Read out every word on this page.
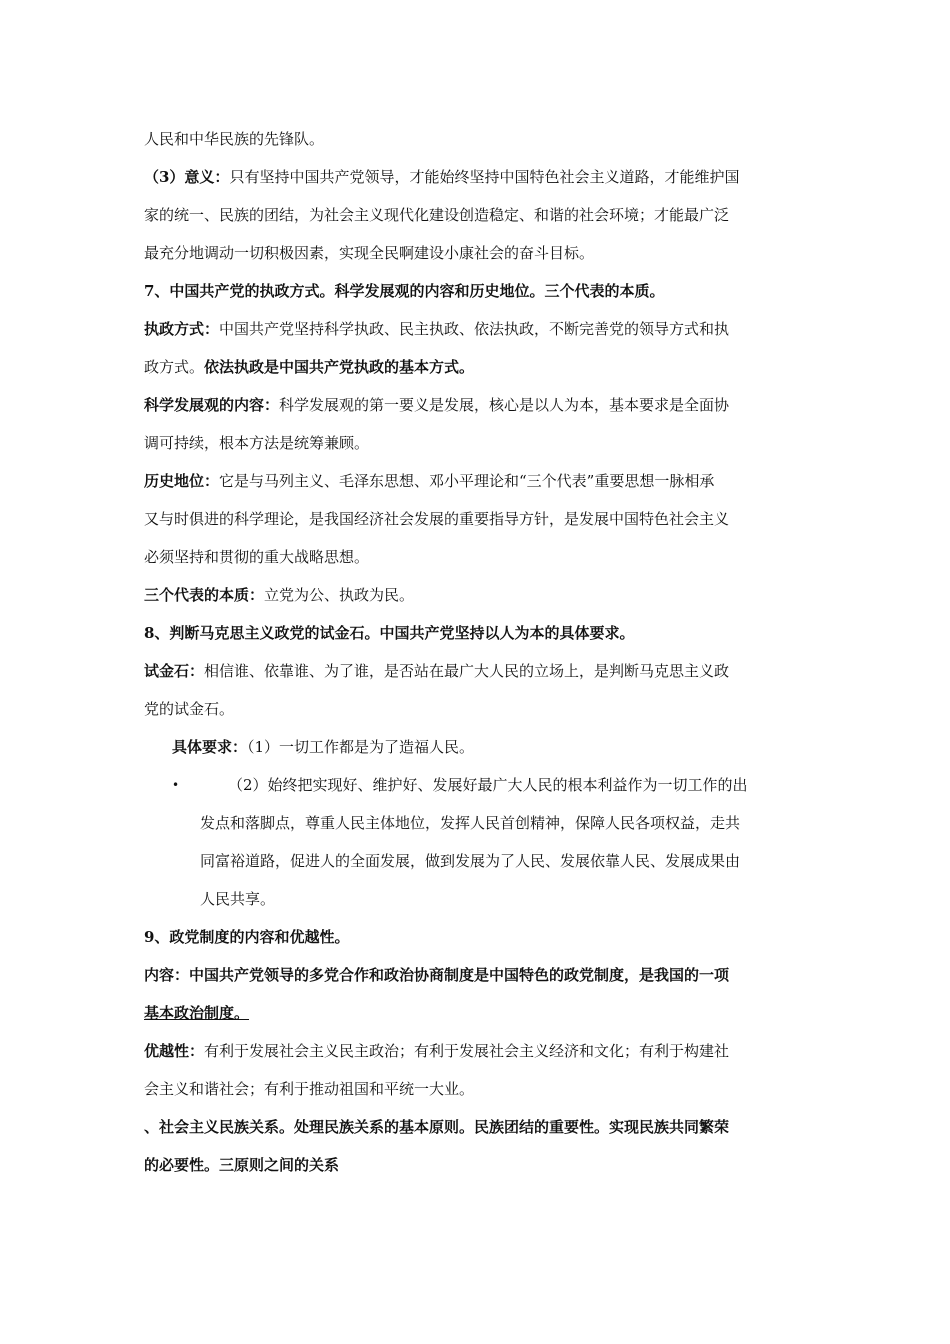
人民和中华民族的先锋队。
（3）意义：只有坚持中国共产党领导，才能始终坚持中国特色社会主义道路，才能维护国
家的统一、民族的团结，为社会主义现代化建设创造稳定、和谐的社会环境；才能最广泛
最充分地调动一切积极因素，实现全民啊建设小康社会的奋斗目标。
7、中国共产党的执政方式。科学发展观的内容和历史地位。三个代表的本质。
执政方式：中国共产党坚持科学执政、民主执政、依法执政，不断完善党的领导方式和执
政方式。依法执政是中国共产党执政的基本方式。
科学发展观的内容：科学发展观的第一要义是发展，核心是以人为本，基本要求是全面协
调可持续，根本方法是统筹兼顾。
历史地位：它是与马列主义、毛泽东思想、邓小平理论和“三个代表”重要思想一脉相承
又与时俱进的科学理论，是我国经济社会发展的重要指导方针，是发展中国特色社会主义
必须坚持和贯彻的重大战略思想。
三个代表的本质：立党为公、执政为民。
8、判断马克思主义政党的试金石。中国共产党坚持以人为本的具体要求。
试金石：相信谁、依靠谁、为了谁，是否站在最广大人民的立场上，是判断马克思主义政
党的试金石。
具体要求：（1）一切工作都是为了造福人民。
•	（2）始终把实现好、维护好、发展好最广大人民的根本利益作为一切工作的出
发点和落脚点，尊重人民主体地位，发挥人民首创精神，保障人民各项权益，走共
同富裕道路，促进人的全面发展，做到发展为了人民、发展依靠人民、发展成果由
人民共享。
9、政党制度的内容和优越性。
内容：中国共产党领导的多党合作和政治协商制度是中国特色的政党制度，是我国的一项
基本政治制度。
优越性：有利于发展社会主义民主政治；有利于发展社会主义经济和文化；有利于构建社
会主义和谐社会；有利于推动祖国和平统一大业。
、社会主义民族关系。处理民族关系的基本原则。民族团结的重要性。实现民族共同繁荣
的必要性。三原则之间的关系
